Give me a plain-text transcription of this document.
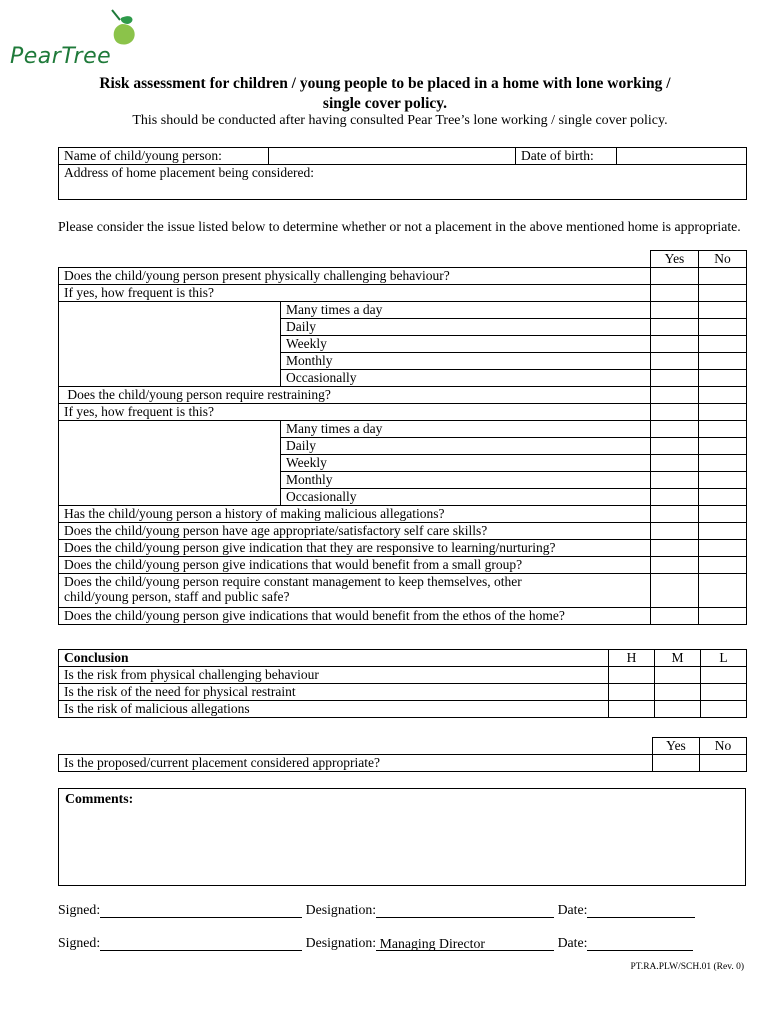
PearTree
Risk assessment for children / young people to be placed in a home with lone working /
single cover policy.
This should be conducted after having consulted Pear Tree’s lone working / single cover policy.
Name of child/young person:		Date of birth:	
Address of home placement being considered:
Please consider the issue listed below to determine whether or not a placement in the above mentioned home is appropriate.
		Yes	No
Does the child/young person present physically challenging behaviour?			
If yes, how frequent is this?			
	Many times a day		
	Daily		
	Weekly		
	Monthly		
	Occasionally		
Does the child/young person require restraining?			
If yes, how frequent is this?			
	Many times a day		
	Daily		
	Weekly		
	Monthly		
	Occasionally		
Has the child/young person a history of making malicious allegations?			
Does the child/young person have age appropriate/satisfactory self care skills?			
Does the child/young person give indication that they are responsive to learning/nurturing?			
Does the child/young person give indications that would benefit from a small group?			

Does the child/young person require constant management to keep themselves, other
child/young person, staff and public safe?			

Does the child/young person give indications that would benefit from the ethos of the home?			
Conclusion	H	M	L
Is the risk from physical challenging behaviour			
Is the risk of the need for physical restraint			
Is the risk of malicious allegations			
	Yes	No
Is the proposed/current placement considered appropriate?		
Comments:
Signed:	Designation:	Date:
Signed:	Designation: Managing Director	Date:
PT.RA.PLW/SCH.01 (Rev. 0)
